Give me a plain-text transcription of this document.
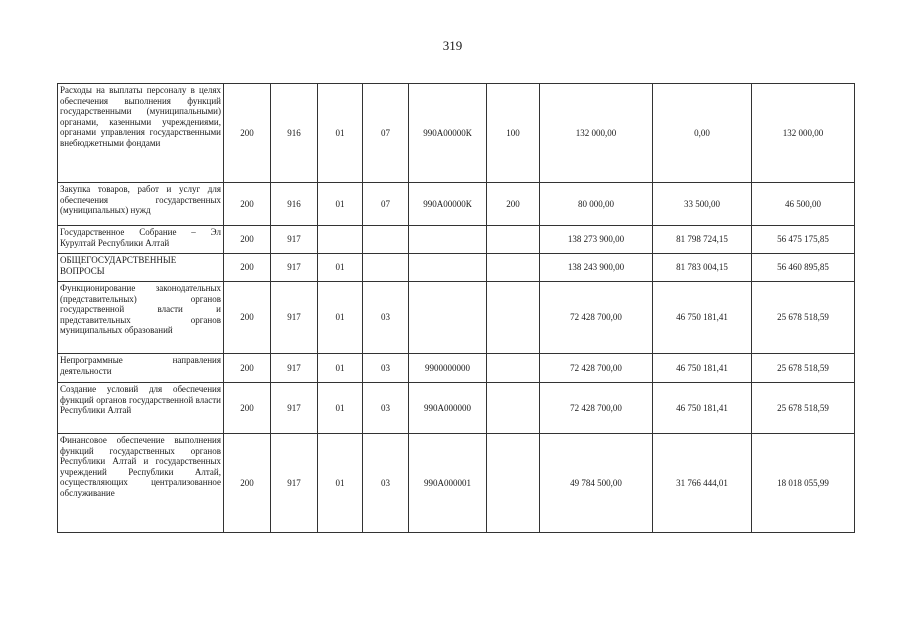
319
Расходы на выплаты персоналу в целях обеспечения выполнения функций государственными (муниципальными) органами, казенными учреждениями, органами управления государственными внебюджетными фондами	200	916	01	07	990А00000К	100	132 000,00	0,00	132 000,00
Закупка товаров, работ и услуг для обеспечения государственных (муниципальных) нужд	200	916	01	07	990А00000К	200	80 000,00	33 500,00	46 500,00
Государственное Собрание – Эл Курултай Республики Алтай	200	917					138 273 900,00	81 798 724,15	56 475 175,85
ОБЩЕГОСУДАРСТВЕННЫЕ ВОПРОСЫ	200	917	01				138 243 900,00	81 783 004,15	56 460 895,85
Функционирование законодательных (представительных) органов государственной власти и представительных органов муниципальных образований	200	917	01	03			72 428 700,00	46 750 181,41	25 678 518,59
Непрограммные направления деятельности	200	917	01	03	9900000000		72 428 700,00	46 750 181,41	25 678 518,59
Создание условий для обеспечения функций органов государственной власти Республики Алтай	200	917	01	03	990А000000		72 428 700,00	46 750 181,41	25 678 518,59
Финансовое обеспечение выполнения функций государственных органов Республики Алтай и государственных учреждений Республики Алтай, осуществляющих централизованное обслуживание	200	917	01	03	990А000001		49 784 500,00	31 766 444,01	18 018 055,99
